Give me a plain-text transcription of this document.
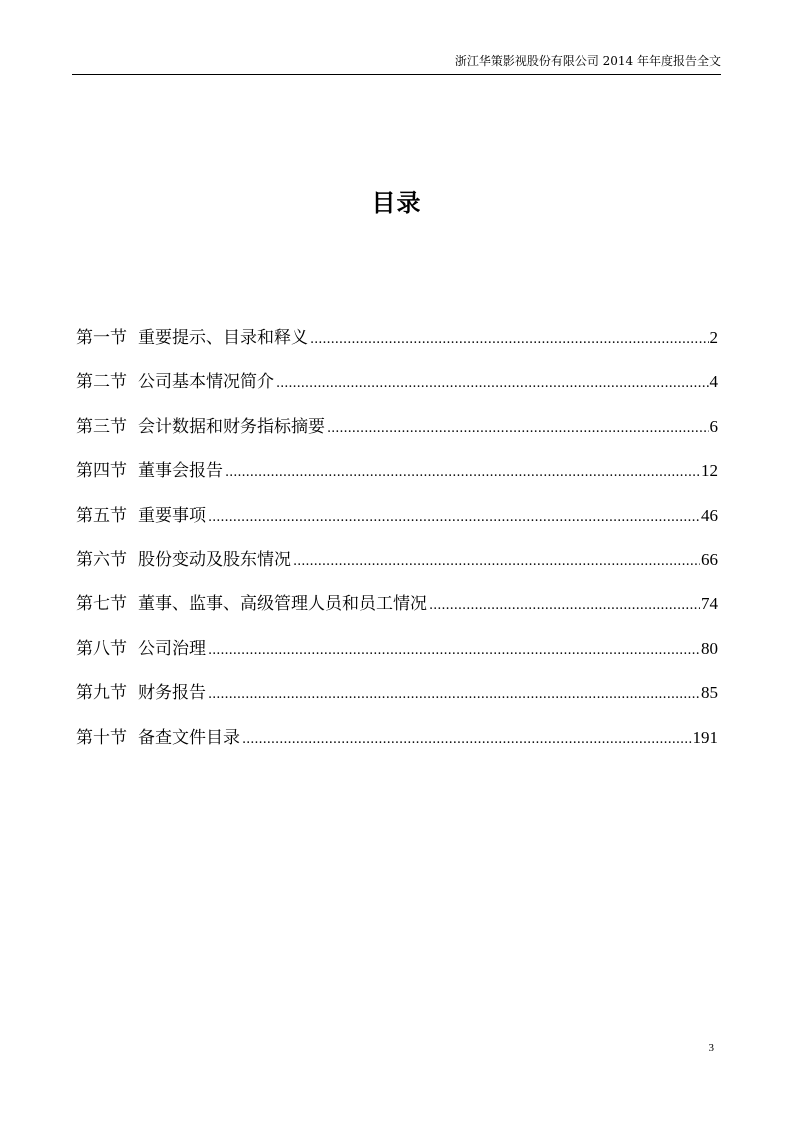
浙江华策影视股份有限公司 2014 年年度报告全文
目录
第一节 重要提示、目录和释义 .....	2
第二节 公司基本情况简介 .....	4
第三节 会计数据和财务指标摘要 .....	6
第四节 董事会报告 .....	12
第五节 重要事项 .....	46
第六节 股份变动及股东情况 .....	66
第七节 董事、监事、高级管理人员和员工情况 .....	74
第八节 公司治理 .....	80
第九节 财务报告 .....	85
第十节 备查文件目录 .....	191
3
